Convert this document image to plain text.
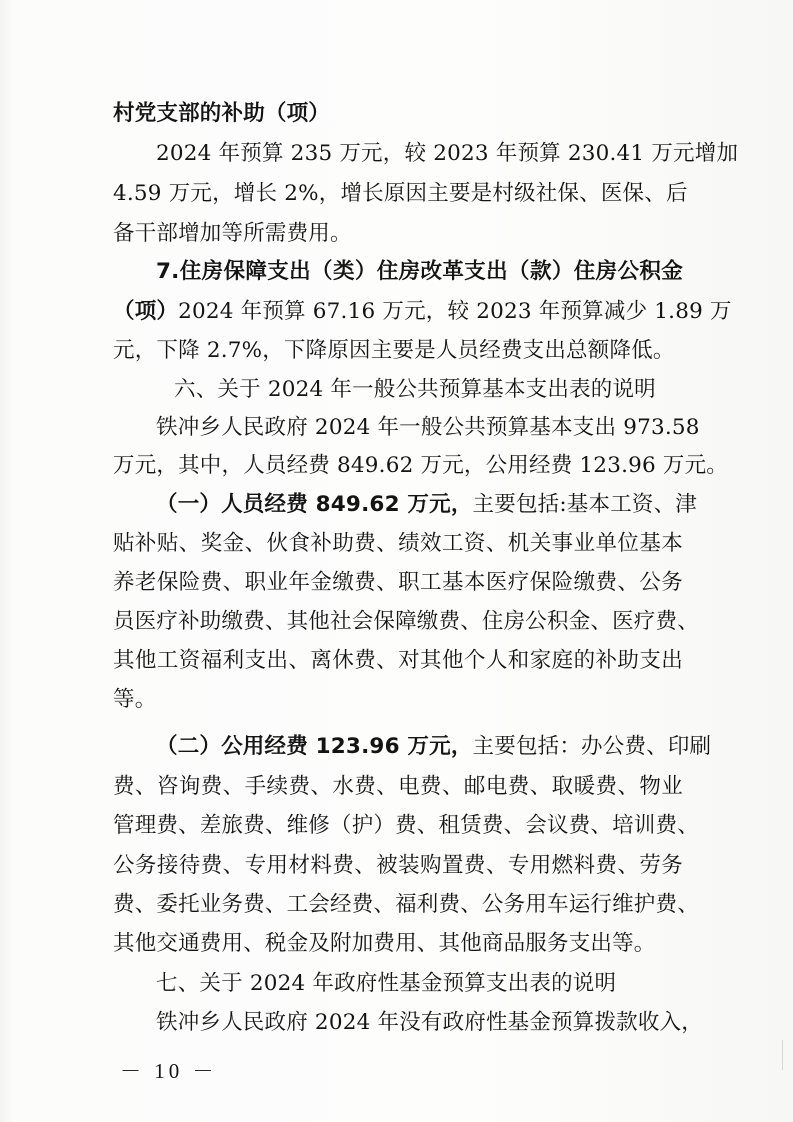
村党支部的补助（项）
2024 年预算 235 万元，较 2023 年预算 230.41 万元增加
4.59 万元，增长 2%，增长原因主要是村级社保、医保、后
备干部增加等所需费用。
7.住房保障支出（类）住房改革支出（款）住房公积金
（项）2024 年预算 67.16 万元，较 2023 年预算减少 1.89 万
元，下降 2.7%，下降原因主要是人员经费支出总额降低。
六、关于 2024 年一般公共预算基本支出表的说明
铁冲乡人民政府 2024 年一般公共预算基本支出 973.58
万元，其中，人员经费 849.62 万元，公用经费 123.96 万元。
（一）人员经费 849.62 万元，主要包括:基本工资、津
贴补贴、奖金、伙食补助费、绩效工资、机关事业单位基本
养老保险费、职业年金缴费、职工基本医疗保险缴费、公务
员医疗补助缴费、其他社会保障缴费、住房公积金、医疗费、
其他工资福利支出、离休费、对其他个人和家庭的补助支出
等。
（二）公用经费 123.96 万元，主要包括：办公费、印刷
费、咨询费、手续费、水费、电费、邮电费、取暖费、物业
管理费、差旅费、维修（护）费、租赁费、会议费、培训费、
公务接待费、专用材料费、被装购置费、专用燃料费、劳务
费、委托业务费、工会经费、福利费、公务用车运行维护费、
其他交通费用、税金及附加费用、其他商品服务支出等。
七、关于 2024 年政府性基金预算支出表的说明
铁冲乡人民政府 2024 年没有政府性基金预算拨款收入，
－ 10 －
